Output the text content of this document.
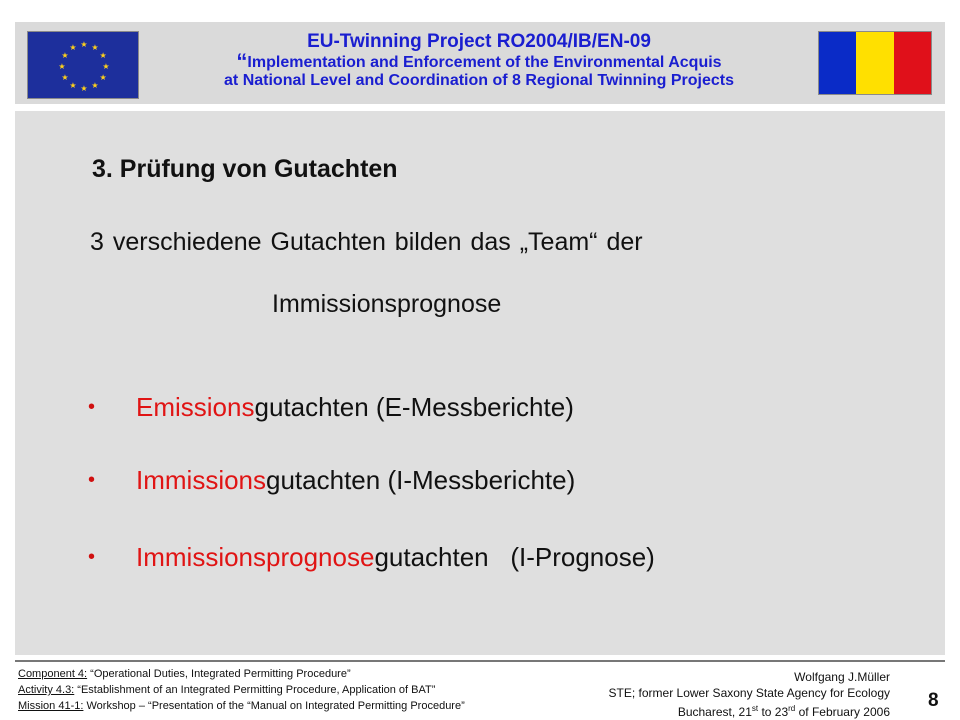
★ ★
★
★
★
★
★
★
★
★
★
★	EU-Twinning Project RO2004/IB/EN-09
“Implementation and Enforcement of the Environmental Acquis
at National Level and Coordination of 8 Regional Twinning Projects
3. Prüfung von Gutachten
3 verschiedene Gutachten bilden das „Team“ der
Immissionsprognose
• Emissionsgutachten (E-Messberichte)
• Immissionsgutachten (I-Messberichte)
• Immissionsprognosegutachten   (I-Prognose)
Component 4: “Operational Duties, Integrated Permitting Procedure”
Activity 4.3: “Establishment of an Integrated Permitting Procedure, Application of BAT”
Mission 41-1: Workshop – “Presentation of the “Manual on Integrated Permitting Procedure”
Wolfgang J.Müller
STE; former Lower Saxony State Agency for Ecology
Bucharest, 21st to 23rd of February 2006
8
